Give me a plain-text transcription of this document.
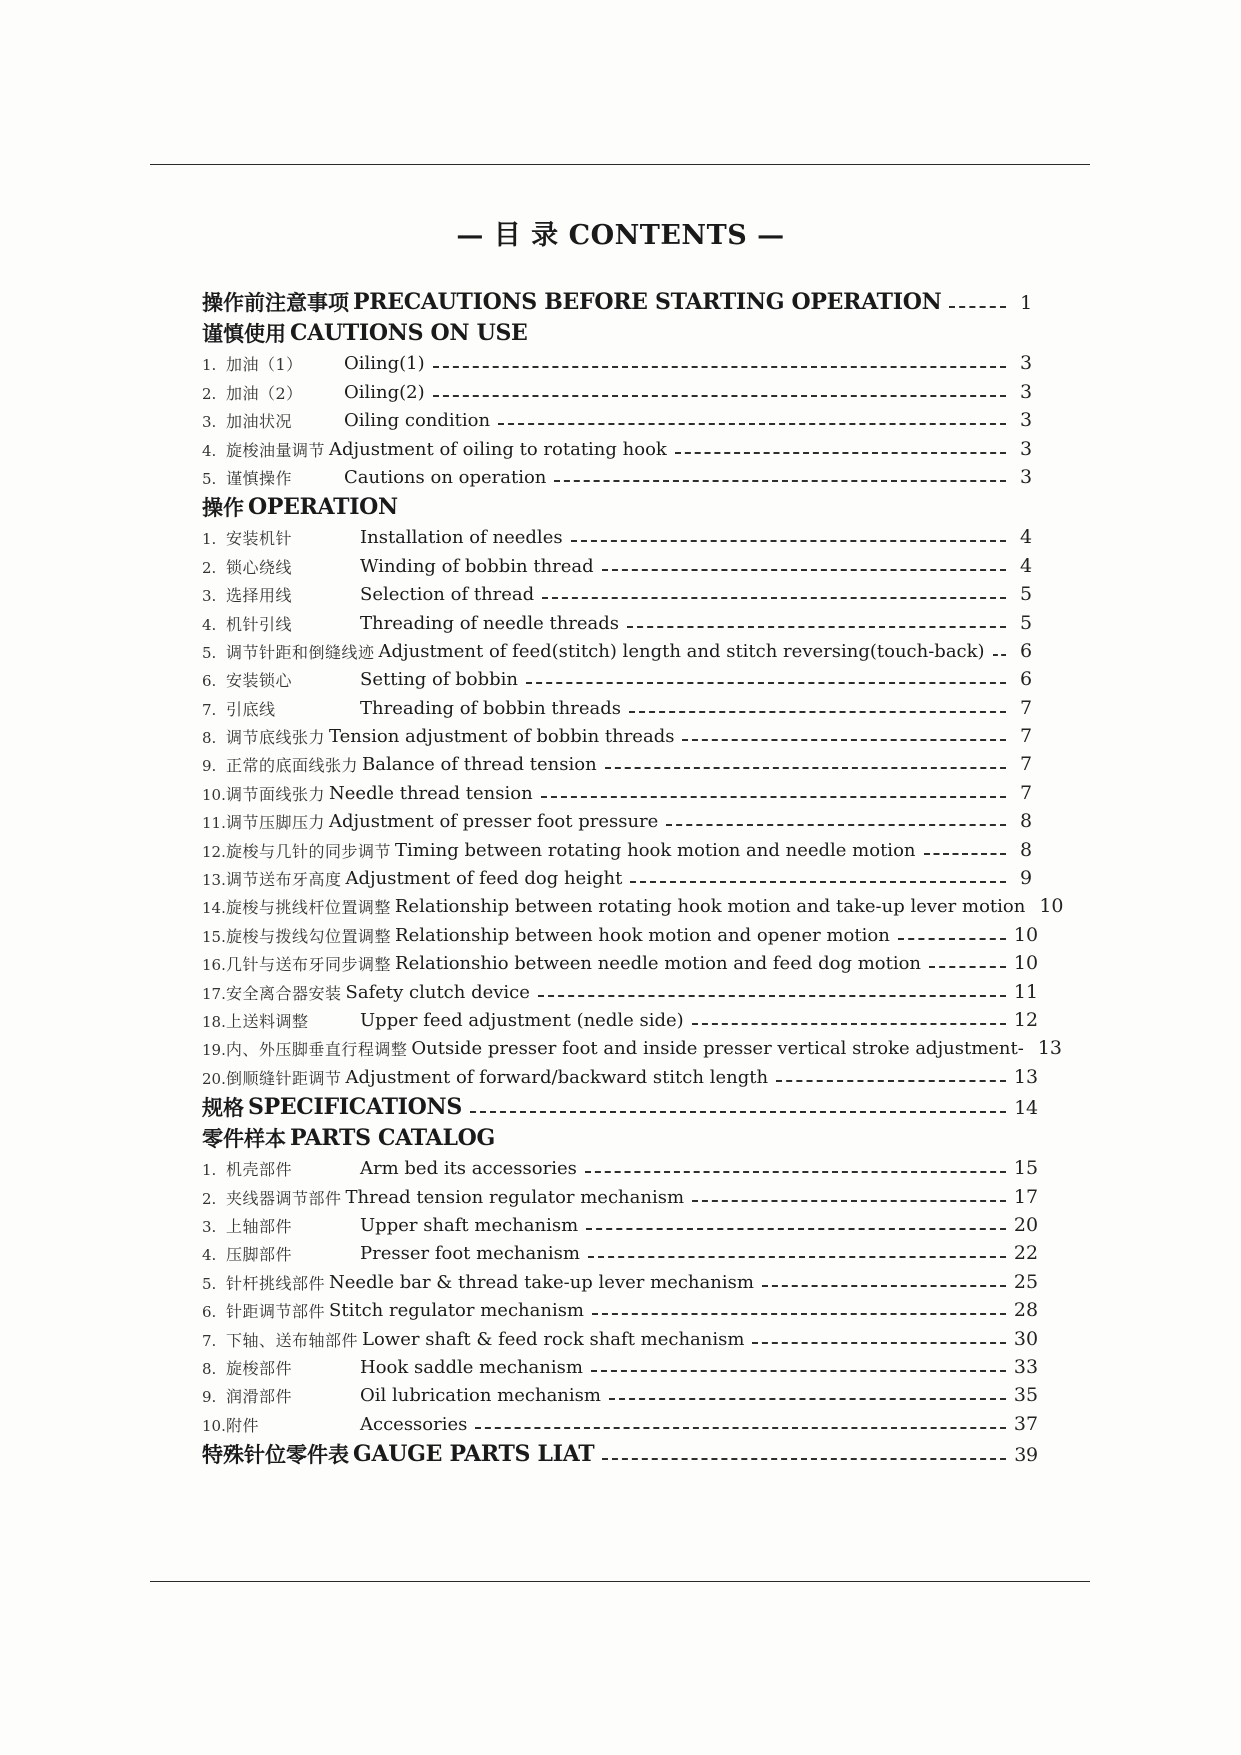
— 目 录 CONTENTS —
操作前注意事项 PRECAUTIONS BEFORE STARTING OPERATION	1
谨慎使用 CAUTIONS ON USE
1. 加油（1）	Oiling(1)	3
2. 加油（2）	Oiling(2)	3
3. 加油状况	Oiling condition	3
4. 旋梭油量调节 Adjustment of oiling to rotating hook	3
5. 谨慎操作	Cautions on operation	3
操作 OPERATION
1. 安装机针	Installation of needles	4
2. 锁心绕线	Winding of bobbin thread	4
3. 选择用线	Selection of thread	5
4. 机针引线	Threading of needle threads	5
5. 调节针距和倒缝线迹 Adjustment of feed(stitch) length and stitch reversing(touch-back)	6
6. 安装锁心	Setting of bobbin	6
7. 引底线	Threading of bobbin threads	7
8. 调节底线张力 Tension adjustment of bobbin threads	7
9. 正常的底面线张力 Balance of thread tension	7
10. 调节面线张力 Needle thread tension	7
11. 调节压脚压力 Adjustment of presser foot pressure	8
12. 旋梭与几针的同步调节 Timing between rotating hook motion and needle motion	8
13. 调节送布牙高度 Adjustment of feed dog height	9
14. 旋梭与挑线杆位置调整 Relationship between rotating hook motion and take-up lever motion 10
15. 旋梭与拨线勾位置调整 Relationship between hook motion and opener motion	10
16. 几针与送布牙同步调整 Relationshio between needle motion and feed dog motion	10
17. 安全离合器安装 Safety clutch device	11
18. 上送料调整	Upper feed adjustment (nedle side)	12
19. 内、外压脚垂直行程调整 Outside presser foot and inside presser vertical stroke adjustment- 13
20. 倒顺缝针距调节 Adjustment of forward/backward stitch length	13
规格 SPECIFICATIONS	14
零件样本 PARTS CATALOG
1. 机壳部件	Arm bed its accessories	15
2. 夹线器调节部件 Thread tension regulator mechanism	17
3. 上轴部件	Upper shaft mechanism	20
4. 压脚部件	Presser foot mechanism	22
5. 针杆挑线部件 Needle bar & thread take-up lever mechanism	25
6. 针距调节部件 Stitch regulator mechanism	28
7. 下轴、送布轴部件 Lower shaft & feed rock shaft mechanism	30
8. 旋梭部件	Hook saddle mechanism	33
9. 润滑部件	Oil lubrication mechanism	35
10. 附件	Accessories	37
特殊针位零件表 GAUGE PARTS LIAT	39
